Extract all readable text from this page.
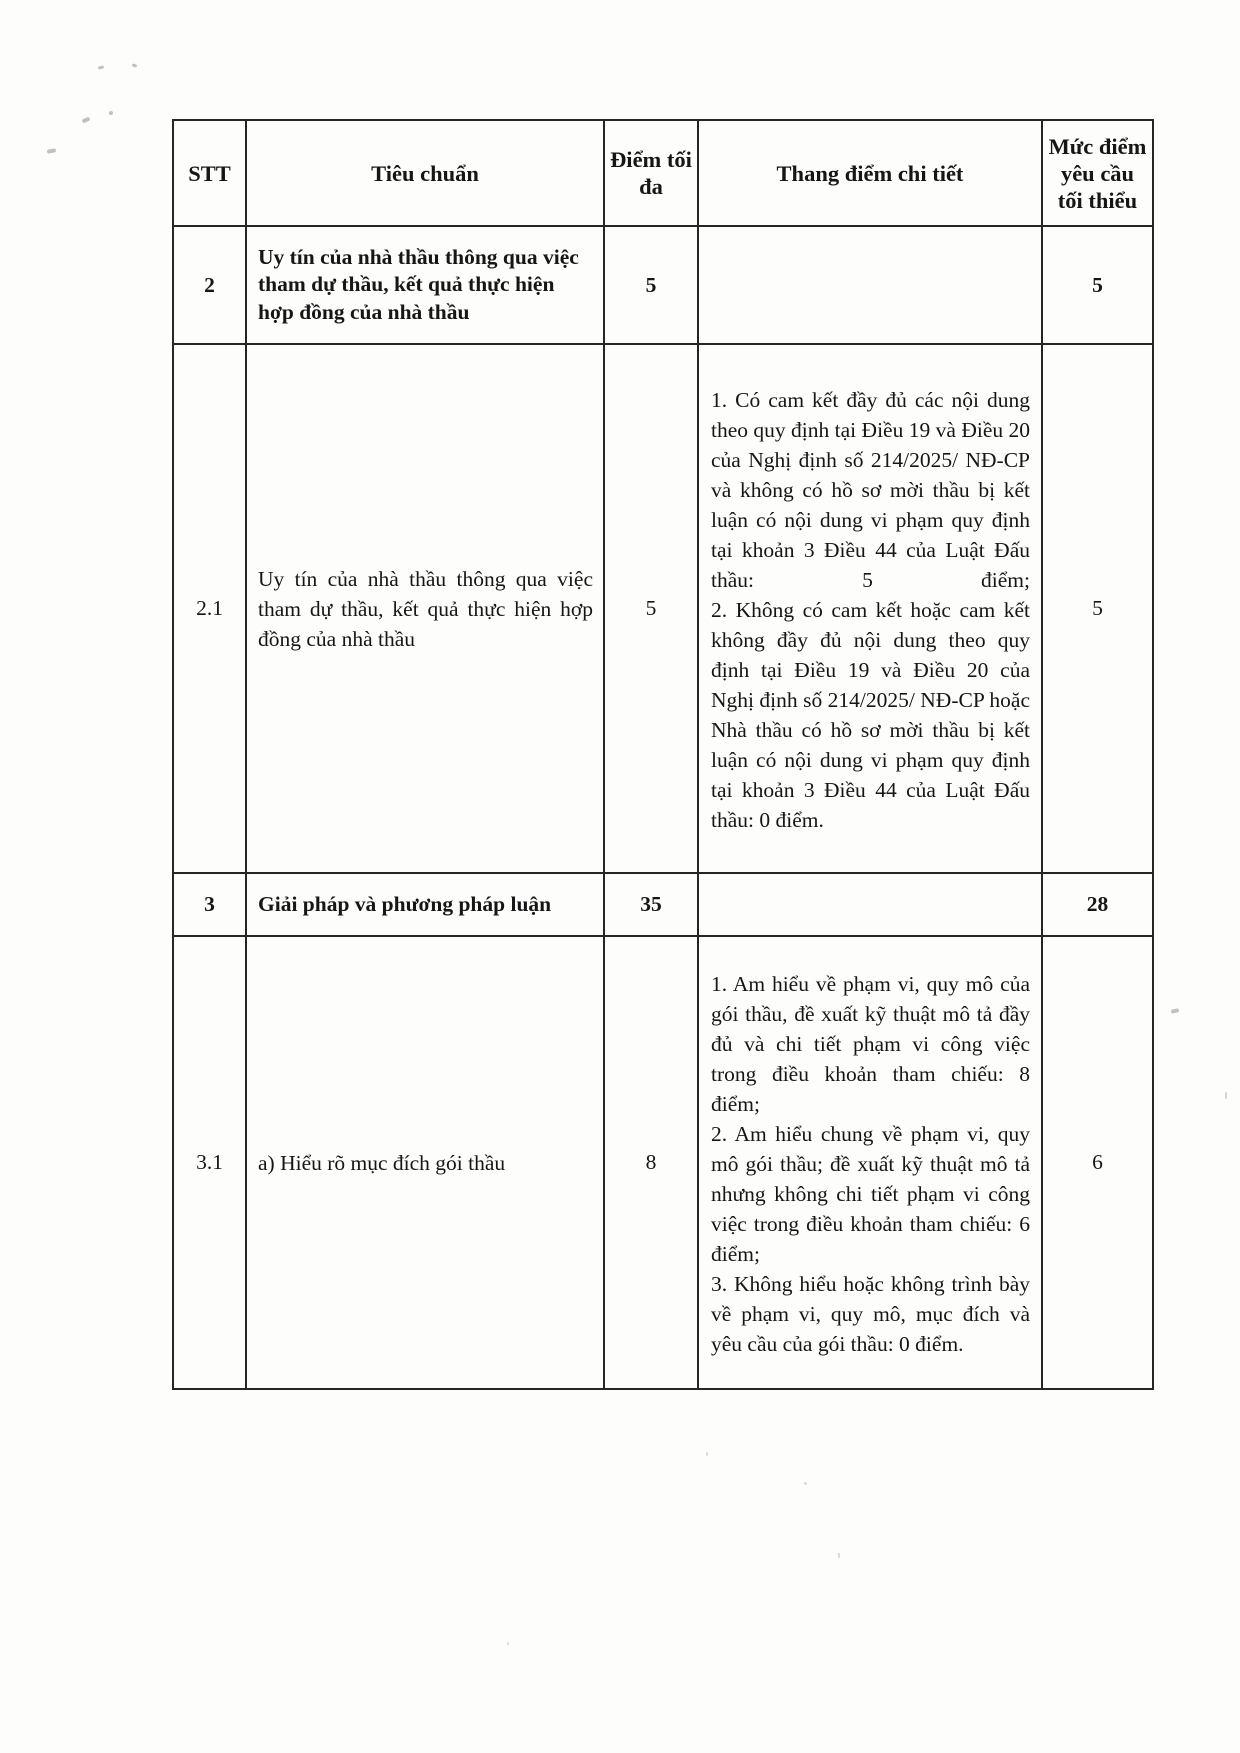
STT	Tiêu chuẩn	Điểm tối đa	Thang điểm chi tiết	Mức điểm yêu cầu tối thiểu
2	Uy tín của nhà thầu thông qua việc tham dự thầu, kết quả thực hiện hợp đồng của nhà thầu	5		5
2.1	Uy tín của nhà thầu thông qua việc tham dự thầu, kết quả thực hiện hợp đồng của nhà thầu	5	1. Có cam kết đầy đủ các nội dung theo quy định tại Điều 19 và Điều 20 của Nghị định số 214/2025/ NĐ-CP và không có hồ sơ mời thầu bị kết luận có nội dung vi phạm quy định tại khoản 3 Điều 44 của Luật Đấu thầu: 5 điểm;

2. Không có cam kết hoặc cam kết không đầy đủ nội dung theo quy định tại Điều 19 và Điều 20 của Nghị định số 214/2025/ NĐ-CP hoặc Nhà thầu có hồ sơ mời thầu bị kết luận có nội dung vi phạm quy định tại khoản 3 Điều 44 của Luật Đấu thầu: 0 điểm.	5
3	Giải pháp và phương pháp luận	35		28
3.1	a) Hiểu rõ mục đích gói thầu	8	1. Am hiểu về phạm vi, quy mô của gói thầu, đề xuất kỹ thuật mô tả đầy đủ và chi tiết phạm vi công việc trong điều khoản tham chiếu: 8 điểm;

2. Am hiểu chung về phạm vi, quy mô gói thầu; đề xuất kỹ thuật mô tả nhưng không chi tiết phạm vi công việc trong điều khoản tham chiếu: 6 điểm;

3. Không hiểu hoặc không trình bày về phạm vi, quy mô, mục đích và yêu cầu của gói thầu: 0 điểm.	6
